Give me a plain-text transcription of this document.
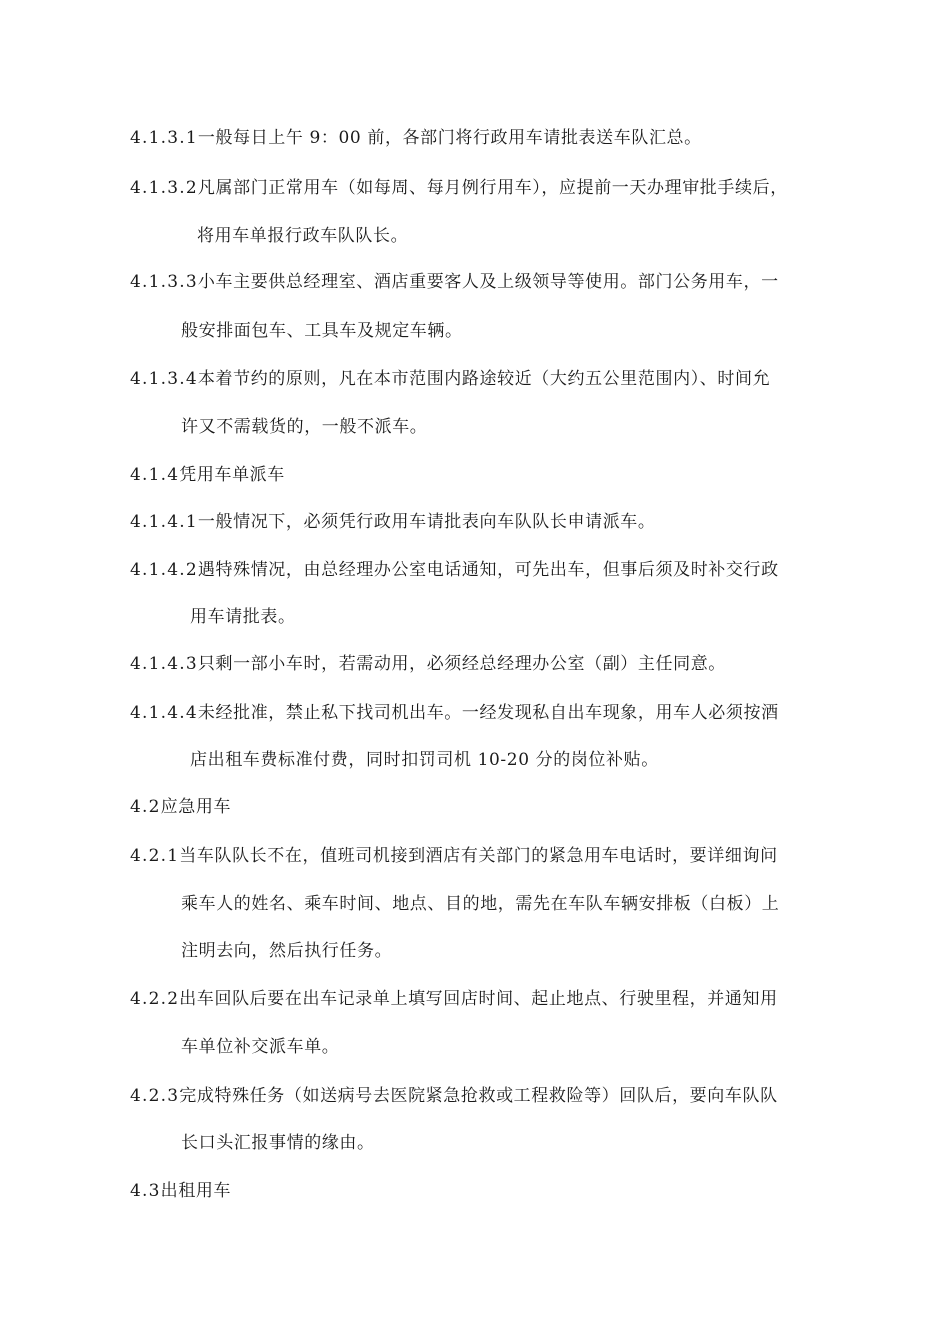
4.1.3.1一般每日上午 9：00 前，各部门将行政用车请批表送车队汇总。
4.1.3.2凡属部门正常用车（如每周、每月例行用车），应提前一天办理审批手续后，
将用车单报行政车队队长。
4.1.3.3小车主要供总经理室、酒店重要客人及上级领导等使用。部门公务用车，一
般安排面包车、工具车及规定车辆。
4.1.3.4本着节约的原则，凡在本市范围内路途较近（大约五公里范围内）、时间允
许又不需载货的，一般不派车。
4.1.4凭用车单派车
4.1.4.1一般情况下，必须凭行政用车请批表向车队队长申请派车。
4.1.4.2遇特殊情况，由总经理办公室电话通知，可先出车，但事后须及时补交行政
用车请批表。
4.1.4.3只剩一部小车时，若需动用，必须经总经理办公室（副）主任同意。
4.1.4.4未经批准，禁止私下找司机出车。一经发现私自出车现象，用车人必须按酒
店出租车费标准付费，同时扣罚司机 10-20 分的岗位补贴。
4.2应急用车
4.2.1当车队队长不在，值班司机接到酒店有关部门的紧急用车电话时，要详细询问
乘车人的姓名、乘车时间、地点、目的地，需先在车队车辆安排板（白板）上
注明去向，然后执行任务。
4.2.2出车回队后要在出车记录单上填写回店时间、起止地点、行驶里程，并通知用
车单位补交派车单。
4.2.3完成特殊任务（如送病号去医院紧急抢救或工程救险等）回队后，要向车队队
长口头汇报事情的缘由。
4.3出租用车
